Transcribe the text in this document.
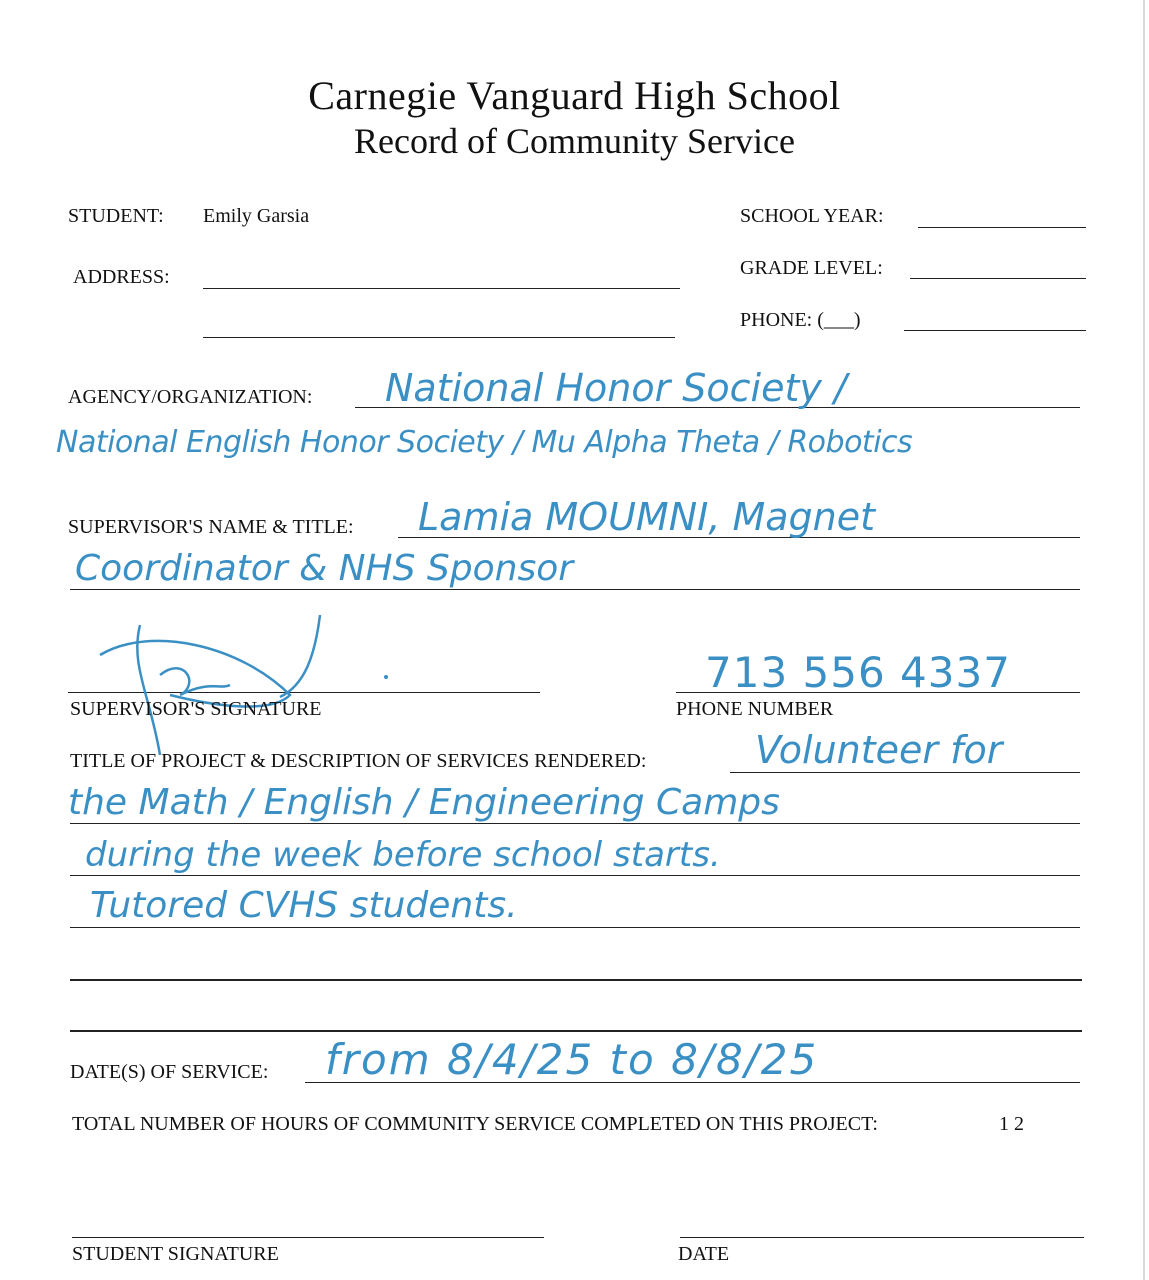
Carnegie Vanguard High School
Record of Community Service
STUDENT: Emily Garsia	SCHOOL YEAR:
ADDRESS:	GRADE LEVEL:
PHONE: (___)
AGENCY/ORGANIZATION: National Honor Society /
National English Honor Society / Mu Alpha Theta / Robotics
SUPERVISOR'S NAME & TITLE: Lamia MOUMNI, Magnet
Coordinator & NHS Sponsor
SUPERVISOR'S SIGNATURE
713 556 4337
PHONE NUMBER
TITLE OF PROJECT & DESCRIPTION OF SERVICES RENDERED:	Volunteer for
the Math / English / Engineering Camps
during the week before school starts.
Tutored CVHS students.
DATE(S) OF SERVICE: from 8/4/25 to 8/8/25
TOTAL NUMBER OF HOURS OF COMMUNITY SERVICE COMPLETED ON THIS PROJECT:	1 2
STUDENT SIGNATURE	DATE
